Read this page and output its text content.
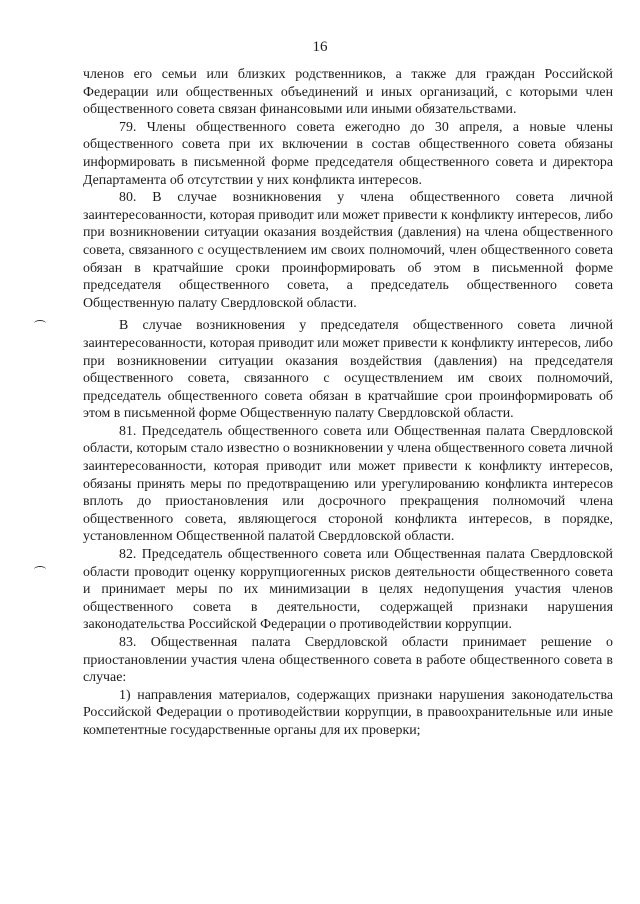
16

членов его семьи или близких родственников, а также для граждан Российской Федерации или общественных объединений и иных организаций, с которыми член общественного совета связан финансовыми или иными обязательствами.

79. Члены общественного совета ежегодно до 30 апреля, а новые члены общественного совета при их включении в состав общественного совета обязаны информировать в письменной форме председателя общественного совета и директора Департамента об отсутствии у них конфликта интересов.

80. В случае возникновения у члена общественного совета личной заинтересованности, которая приводит или может привести к конфликту интересов, либо при возникновении ситуации оказания воздействия (давления) на члена общественного совета, связанного с осуществлением им своих полномочий, член общественного совета обязан в кратчайшие сроки проинформировать об этом в письменной форме председателя общественного совета, а председатель общественного совета Общественную палату Свердловской области.

В случае возникновения у председателя общественного совета личной заинтересованности, которая приводит или может привести к конфликту интересов, либо при возникновении ситуации оказания воздействия (давления) на председателя общественного совета, связанного с осуществлением им своих полномочий, председатель общественного совета обязан в кратчайшие срои проинформировать об этом в письменной форме Общественную палату Свердловской области.

81. Председатель общественного совета или Общественная палата Свердловской области, которым стало известно о возникновении у члена общественного совета личной заинтересованности, которая приводит или может привести к конфликту интересов, обязаны принять меры по предотвращению или урегулированию конфликта интересов вплоть до приостановления или досрочного прекращения полномочий члена общественного совета, являющегося стороной конфликта интересов, в порядке, установленном Общественной палатой Свердловской области.

82. Председатель общественного совета или Общественная палата Свердловской области проводит оценку коррупциогенных рисков деятельности общественного совета и принимает меры по их минимизации в целях недопущения участия членов общественного совета в деятельности, содержащей признаки нарушения законодательства Российской Федерации о противодействии коррупции.

83. Общественная палата Свердловской области принимает решение о приостановлении участия члена общественного совета в работе общественного совета в случае:

1) направления материалов, содержащих признаки нарушения законодательства Российской Федерации о противодействии коррупции, в правоохранительные или иные компетентные государственные органы для их проверки;
